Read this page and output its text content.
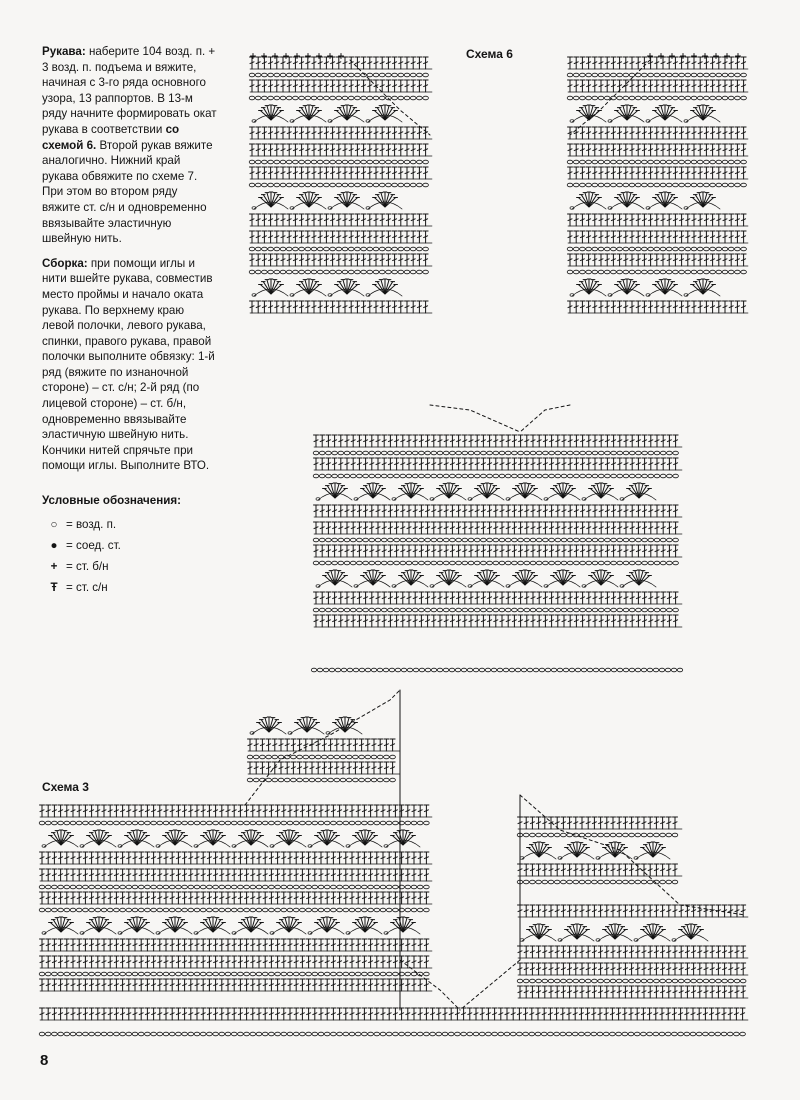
Рукава: наберите 104 возд. п. + 3 возд. п. подъема и вяжите, начиная с 3-го ряда основного узора, 13 раппортов. В 13-м ряду начните формировать окат рукава в соответствии со схемой 6. Второй рукав вяжите аналогично. Нижний край рукава обвяжите по схеме 7. При этом во втором ряду вяжите ст. с/н и одновременно ввязывайте эластичную швейную нить.

Сборка: при помощи иглы и нити вшейте рукава, совместив место проймы и начало оката рукава. По верхнему краю левой полочки, левого рукава, спинки, правого рукава, правой полочки выполните обвязку: 1-й ряд (вяжите по изнаночной стороне) – ст. с/н; 2-й ряд (по лицевой стороне) – ст. б/н, одновременно ввязывайте эластичную швейную нить. Кончики нитей спрячьте при помощи иглы. Выполните ВТО.

Условные обозначения:
○ = возд. п.
● = соед. ст.
+ = ст. б/н
Ŧ = ст. с/н
Схема 6
Схема 3
8
